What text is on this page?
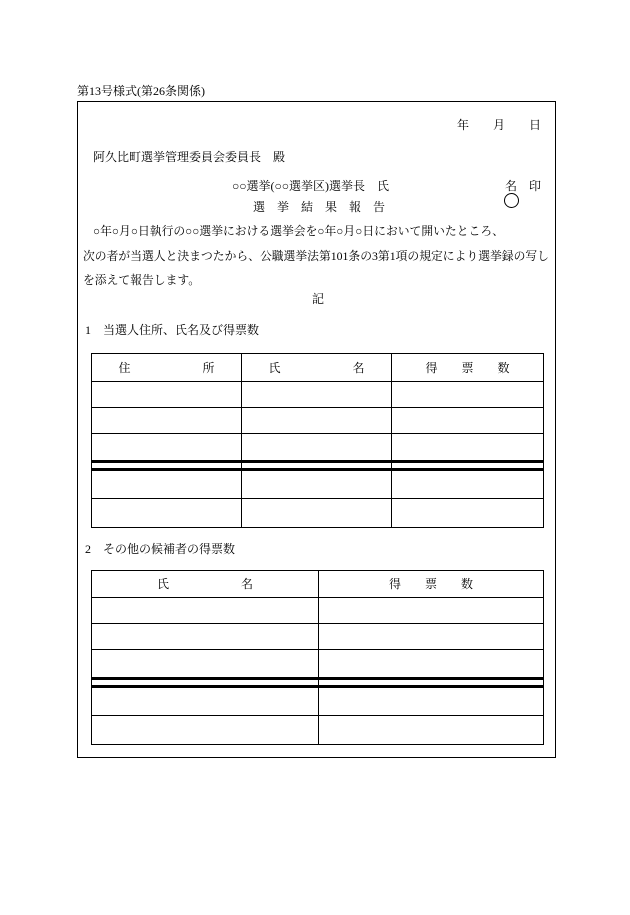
第13号様式(第26条関係)
年　　月　　日
阿久比町選挙管理委員会委員長　殿
○○選挙(○○選挙区)選挙長　氏	名　印
選　挙　結　果　報　告
○年○月○日執行の○○選挙における選挙会を○年○月○日において開いたところ、
次の者が当選人と決まつたから、公職選挙法第101条の3第1項の規定により選挙録の写し
を添えて報告します。
記
1　当選人住所、氏名及び得票数
住　　　　　　所	氏　　　　　　名	得　　票　　数
2　その他の候補者の得票数
氏　　　　　　名	得　　票　　数
